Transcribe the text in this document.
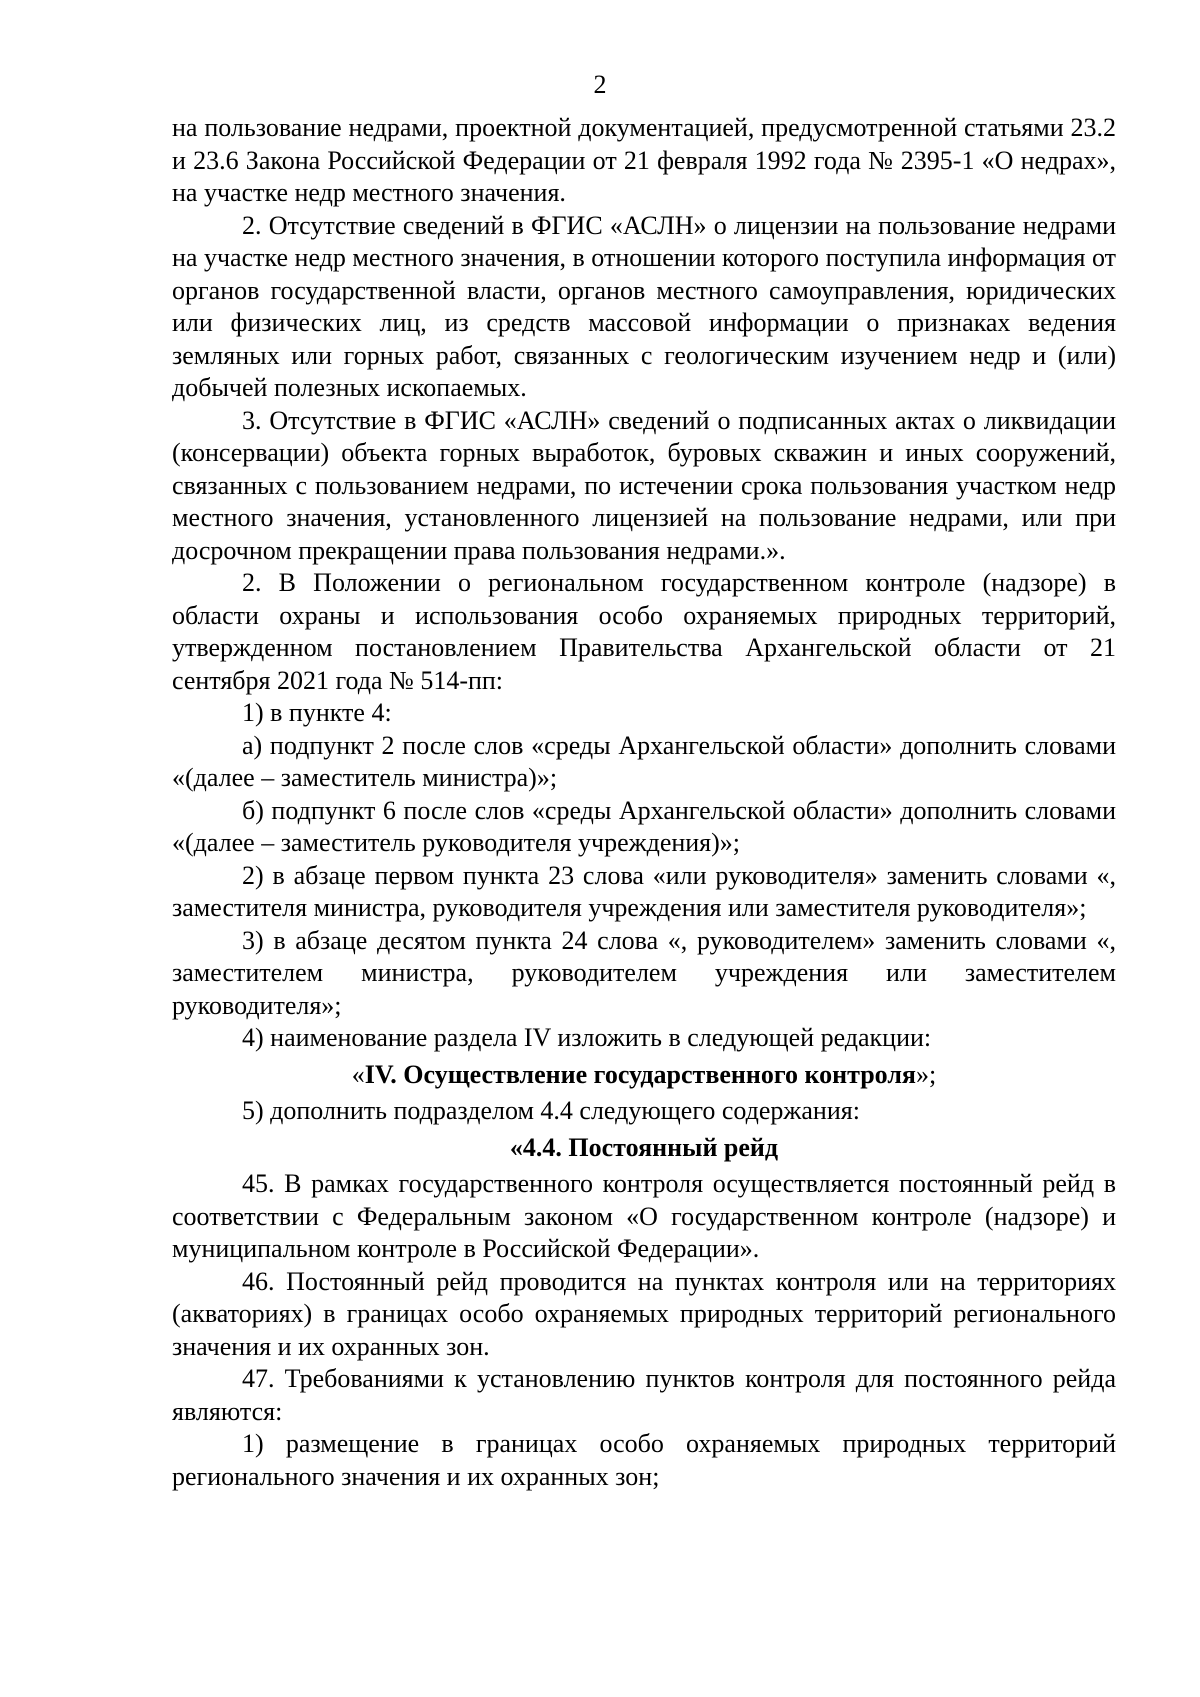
2

на пользование недрами, проектной документацией, предусмотренной статьями 23.2 и 23.6 Закона Российской Федерации от 21 февраля 1992 года № 2395-1 «О недрах», на участке недр местного значения.

2. Отсутствие сведений в ФГИС «АСЛН» о лицензии на пользование недрами на участке недр местного значения, в отношении которого поступила информация от органов государственной власти, органов местного самоуправления, юридических или физических лиц, из средств массовой информации о признаках ведения земляных или горных работ, связанных с геологическим изучением недр и (или) добычей полезных ископаемых.

3. Отсутствие в ФГИС «АСЛН» сведений о подписанных актах о ликвидации (консервации) объекта горных выработок, буровых скважин и иных сооружений, связанных с пользованием недрами, по истечении срока пользования участком недр местного значения, установленного лицензией на пользование недрами, или при досрочном прекращении права пользования недрами.».

2. В Положении о региональном государственном контроле (надзоре) в области охраны и использования особо охраняемых природных территорий, утвержденном постановлением Правительства Архангельской области от 21 сентября 2021 года № 514-пп:

1) в пункте 4:

а) подпункт 2 после слов «среды Архангельской области» дополнить словами «(далее – заместитель министра)»;

б) подпункт 6 после слов «среды Архангельской области» дополнить словами «(далее – заместитель руководителя учреждения)»;

2) в абзаце первом пункта 23 слова «или руководителя» заменить словами «, заместителя министра, руководителя учреждения или заместителя руководителя»;

3) в абзаце десятом пункта 24 слова «, руководителем» заменить словами «, заместителем министра, руководителем учреждения или заместителем руководителя»;

4) наименование раздела IV изложить в следующей редакции:

«IV. Осуществление государственного контроля»;

5) дополнить подразделом 4.4 следующего содержания:

«4.4. Постоянный рейд

45. В рамках государственного контроля осуществляется постоянный рейд в соответствии с Федеральным законом «О государственном контроле (надзоре) и муниципальном контроле в Российской Федерации».

46. Постоянный рейд проводится на пунктах контроля или на территориях (акваториях) в границах особо охраняемых природных территорий регионального значения и их охранных зон.

47. Требованиями к установлению пунктов контроля для постоянного рейда являются:

1) размещение в границах особо охраняемых природных территорий регионального значения и их охранных зон;
